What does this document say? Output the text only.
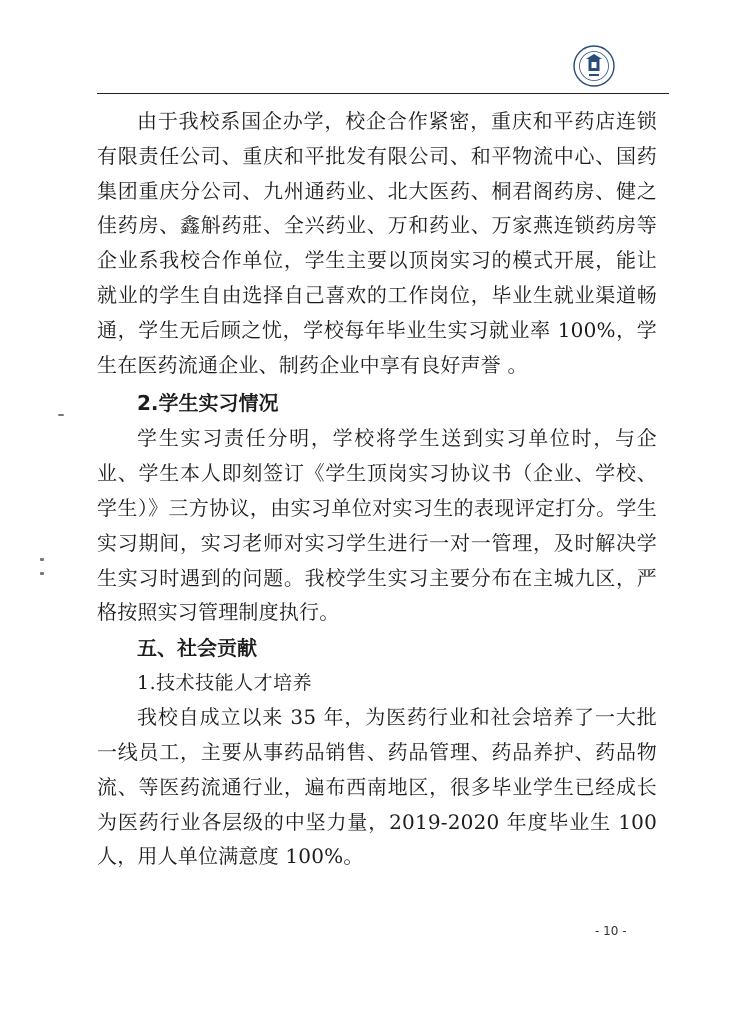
由于我校系国企办学，校企合作紧密，重庆和平药店连锁有限责任公司、重庆和平批发有限公司、和平物流中心、国药集团重庆分公司、九州通药业、北大医药、桐君阁药房、健之佳药房、鑫斛药莊、全兴药业、万和药业、万家燕连锁药房等企业系我校合作单位，学生主要以顶岗实习的模式开展，能让就业的学生自由选择自己喜欢的工作岗位，毕业生就业渠道畅通，学生无后顾之忧，学校每年毕业生实习就业率 100%，学生在医药流通企业、制药企业中享有良好声誉 。

2.学生实习情况

学生实习责任分明，学校将学生送到实习单位时，与企业、学生本人即刻签订《学生顶岗实习协议书（企业、学校、学生）》三方协议，由实习单位对实习生的表现评定打分。学生实习期间，实习老师对实习学生进行一对一管理，及时解决学生实习时遇到的问题。我校学生实习主要分布在主城九区，严格按照实习管理制度执行。

五、社会贡献

1.技术技能人才培养

我校自成立以来 35 年，为医药行业和社会培养了一大批一线员工，主要从事药品销售、药品管理、药品养护、药品物流、等医药流通行业，遍布西南地区，很多毕业学生已经成长为医药行业各层级的中坚力量，2019-2020 年度毕业生 100 人，用人单位满意度 100%。

- 10 -
